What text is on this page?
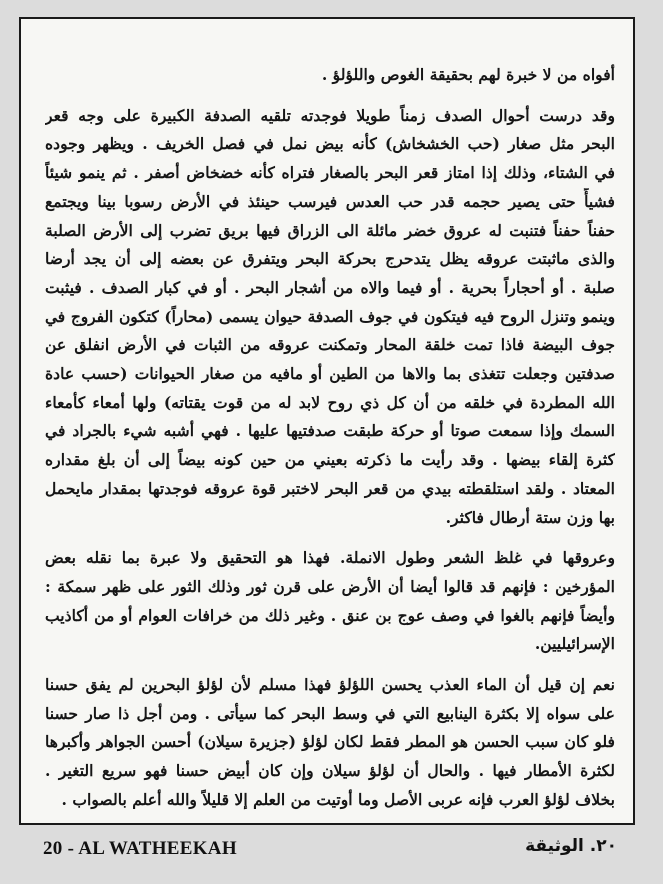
أفواه من لا خبرة لهم بحقيقة الغوص واللؤلؤ .
وقد درست أحوال الصدف زمناً طويلا فوجدته تلقيه الصدفة الكبيرة على وجه قعر
البحر مثل صغار (حب الخشخاش) كأنه بيض نمل في فصل الخريف . ويظهر وجوده
في الشتاء، وذلك إذا امتاز قعر البحر بالصغار فتراه كأنه خضخاض أصفر . ثم ينمو شيئاً
فشيأً حتى يصير حجمه قدر حب العدس فيرسب حينئذ في الأرض رسوبا بينا ويجتمع
حفناً حفناً فتنبت له عروق خضر مائلة الى الزراق فيها بريق تضرب إلى الأرض الصلبة
والذى ماثبتت عروقه يظل يتدحرج بحركة البحر ويتفرق عن بعضه إلى أن يجد أرضا
صلبة . أو أحجاراً بحرية . أو فيما والاه من أشجار البحر . أو في كبار الصدف . فيثبت
وينمو وتنزل الروح فيه فيتكون في جوف الصدفة حيوان يسمى (محاراً) كتكون الفروج في
جوف البيضة فاذا تمت خلقة المحار وتمكنت عروقه من الثبات في الأرض انفلق عن
صدفتين وجعلت تتغذى بما والاها من الطين أو مافيه من صغار الحيوانات (حسب عادة
الله المطردة في خلقه من أن كل ذي روح لابد له من قوت يقتاته) ولها أمعاء كأمعاء
السمك وإذا سمعت صوتا أو حركة طبقت صدفتيها عليها . فهي أشبه شيء بالجراد في
كثرة إلقاء بيضها . وقد رأيت ما ذكرته بعيني من حين كونه بيضاً إلى أن بلغ مقداره
المعتاد . ولقد استلقطته بيدي من قعر البحر لاختبر قوة عروقه فوجدتها بمقدار مايحمل
بها وزن ستة أرطال فاكثر.
وعروقها في غلظ الشعر وطول الانملة. فهذا هو التحقيق ولا عبرة بما نقله بعض
المؤرخين : فإنهم قد قالوا أيضا أن الأرض على قرن ثور وذلك الثور على ظهر سمكة :
وأيضاً فإنهم بالغوا في وصف عوج بن عنق . وغير ذلك من خرافات العوام أو من أكاذيب
الإسرائيليين.
نعم إن قيل أن الماء العذب يحسن اللؤلؤ فهذا مسلم لأن لؤلؤ البحرين لم يفق حسنا
على سواه إلا بكثرة الينابيع التي في وسط البحر كما سيأتى . ومن أجل ذا صار حسنا
فلو كان سبب الحسن هو المطر فقط لكان لؤلؤ (جزيرة سيلان) أحسن الجواهر وأكبرها
لكثرة الأمطار فيها . والحال أن لؤلؤ سيلان وإن كان أبيض حسنا فهو سريع التغير .
بخلاف لؤلؤ العرب فإنه عربى الأصل وما أوتيت من العلم إلا قليلاً والله أعلم بالصواب .
20 - AL WATHEEKAH	٢٠. الوثيقة
